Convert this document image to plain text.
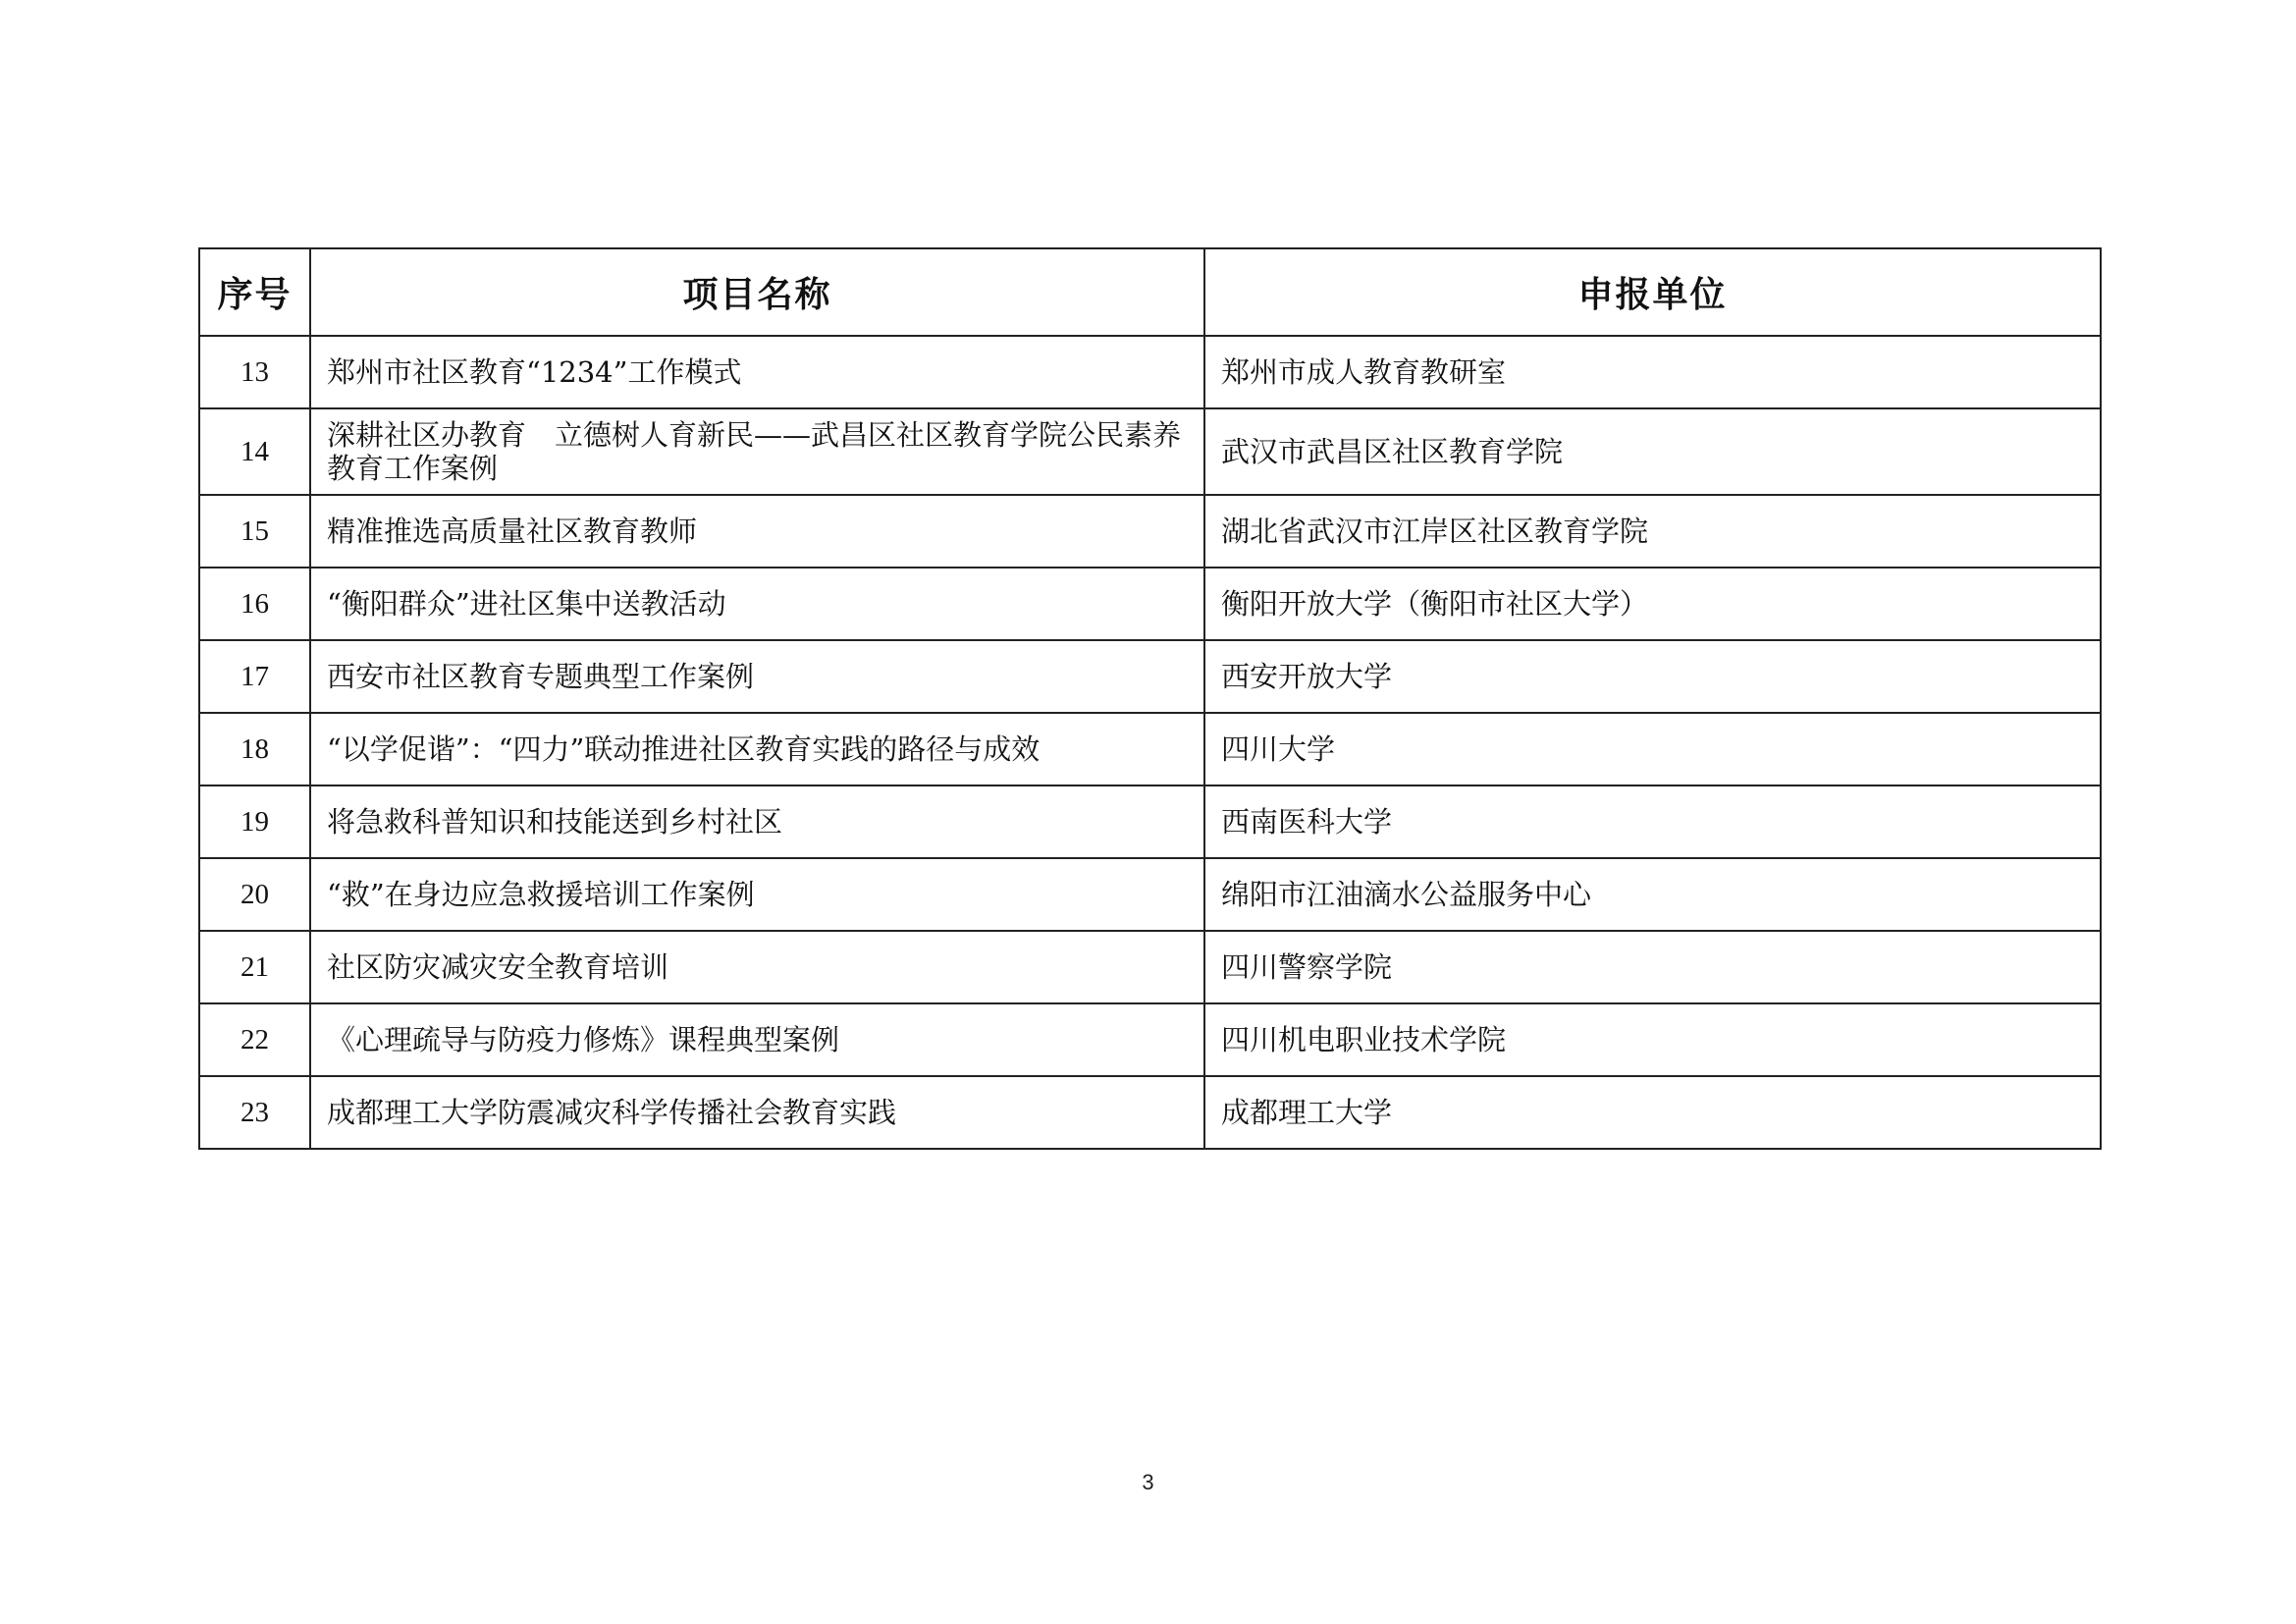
序号	项目名称	申报单位
13	郑州市社区教育“1234”工作模式	郑州市成人教育教研室
14	深耕社区办教育　立德树人育新民——武昌区社区教育学院公民素养教育工作案例	武汉市武昌区社区教育学院
15	精准推选高质量社区教育教师	湖北省武汉市江岸区社区教育学院
16	“衡阳群众”进社区集中送教活动	衡阳开放大学（衡阳市社区大学）
17	西安市社区教育专题典型工作案例	西安开放大学
18	“以学促谐”：“四力”联动推进社区教育实践的路径与成效	四川大学
19	将急救科普知识和技能送到乡村社区	西南医科大学
20	“救”在身边应急救援培训工作案例	绵阳市江油滴水公益服务中心
21	社区防灾减灾安全教育培训	四川警察学院
22	《心理疏导与防疫力修炼》课程典型案例	四川机电职业技术学院
23	成都理工大学防震减灾科学传播社会教育实践	成都理工大学
3
